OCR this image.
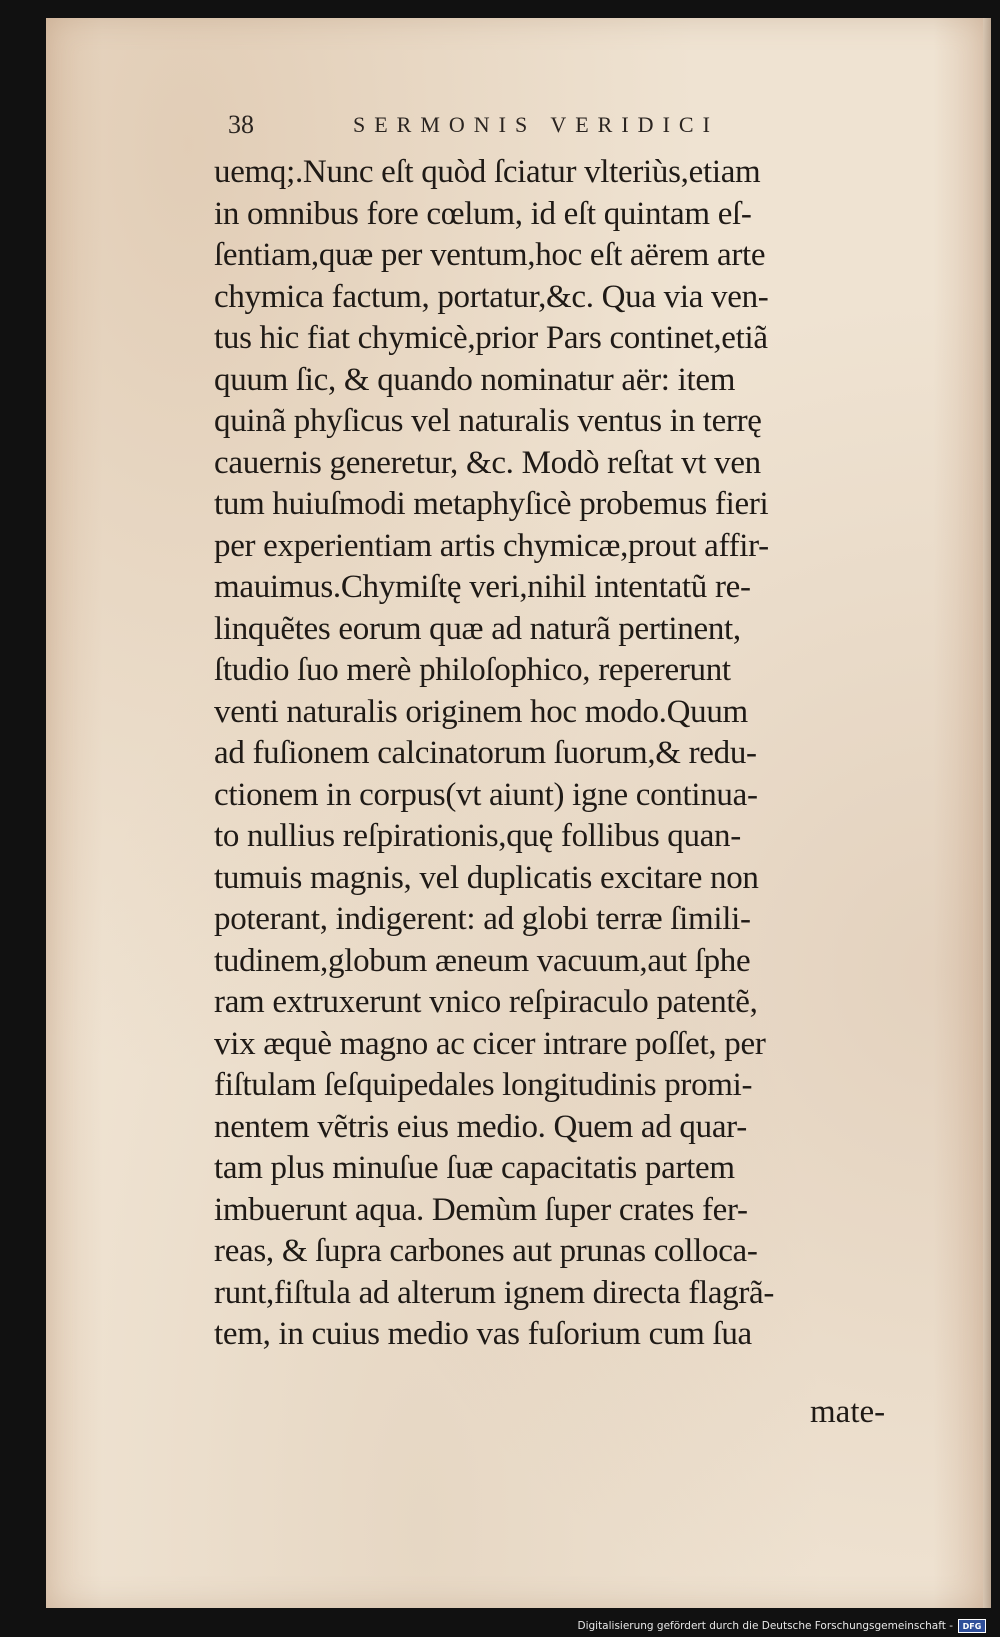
38	SERMONIS VERIDICI
uemq;.Nunc eſt quòd ſciatur vlteriùs,etiam
in omnibus fore cœlum, id eſt quintam eſ-
ſentiam,quæ per ventum,hoc eſt aërem arte
chymica factum, portatur,&c. Qua via ven-
tus hic fiat chymicè,prior Pars continet,etiã
quum ſic, & quando nominatur aër: item
quinã phyſicus vel naturalis ventus in terrę
cauernis generetur, &c. Modò reſtat vt ven
tum huiuſmodi metaphyſicè probemus fieri
per experientiam artis chymicæ,prout affir-
mauimus.Chymiſtę veri,nihil intentatũ re-
linquẽtes eorum quæ ad naturã pertinent,
ſtudio ſuo merè philoſophico, repererunt
venti naturalis originem hoc modo.Quum
ad fuſionem calcinatorum ſuorum,& redu-
ctionem in corpus(vt aiunt) igne continua-
to nullius reſpirationis,quę follibus quan-
tumuis magnis, vel duplicatis excitare non
poterant, indigerent: ad globi terræ ſimili-
tudinem,globum æneum vacuum,aut ſphe
ram extruxerunt vnico reſpiraculo patentẽ,
vix æquè magno ac cicer intrare poſſet, per
fiſtulam ſeſquipedales longitudinis promi-
nentem vẽtris eius medio. Quem ad quar-
tam plus minuſue ſuæ capacitatis partem
imbuerunt aqua. Demùm ſuper crates fer-
reas, & ſupra carbones aut prunas colloca-
runt,fiſtula ad alterum ignem directa flagrã-
tem, in cuius medio vas fuſorium cum ſua
mate-
Digitalisierung gefördert durch die Deutsche Forschungsgemeinschaft -	DFG
